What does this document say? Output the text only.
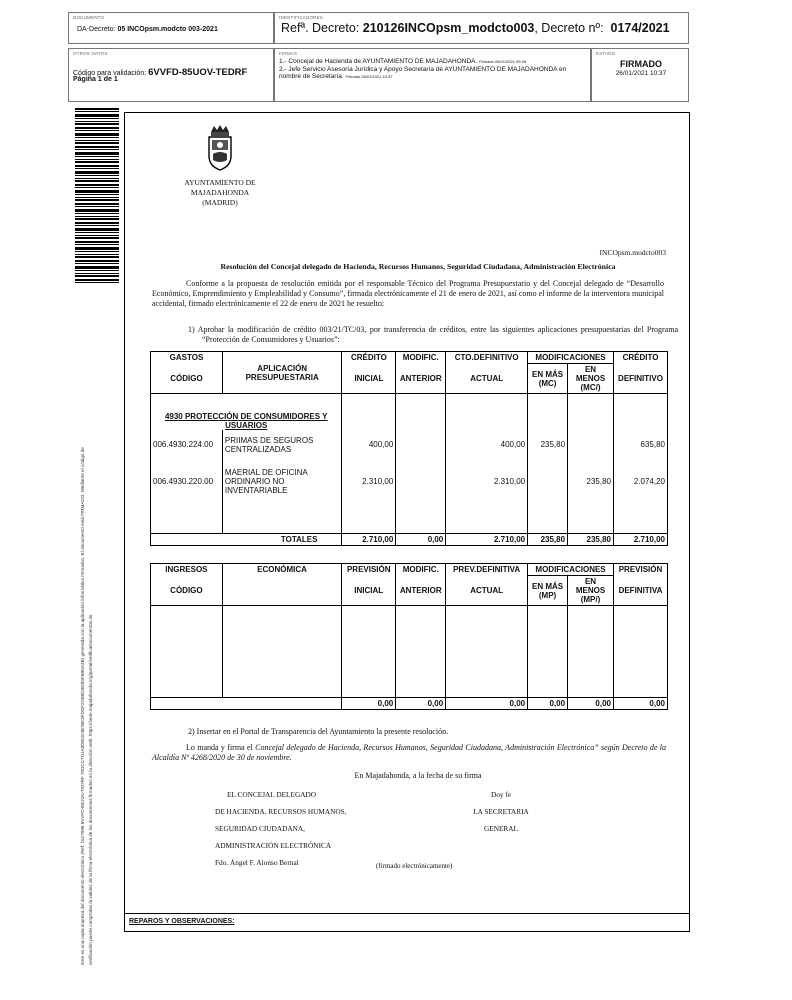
DOCUMENTO
DA-Decreto: 05 INCOpsm.modcto 003-2021
IDENTIFICADORES
Refª. Decreto: 210126INCOpsm_modcto003, Decreto nº:  0174/2021
OTROS DATOS
Código para validación: 6VVFD-85UOV-TEDRF
Página 1 de 1
FIRMAS
1.- Concejal de Hacienda de AYUNTAMIENTO DE MAJADAHONDA. Firmado 26/01/2021 09:28
2.- Jefe Servicio Asesoría Jurídica y Apoyo Secretaría de AYUNTAMIENTO DE MAJADAHONDA en nombre de Secretaría. Firmado 26/01/2021 10:37
ESTADO
FIRMADO
26/01/2021 10:37
Este es una copia impresa del documento electrónico (Ref: 1627996 6VVFD-85UOV-TEDRF 70DCC7D1A8D8CE4B76E3FDDF2D5BD3EB3F6B5A3B) generada con la aplicación informática Firmadoc. El documento está FIRMADO. Mediante el código de verificación puede comprobar la validez de la firma electrónica de los documentos firmados en la dirección web: https://sede.majadahonda.org/portal/verificaDocumentos.do
AYUNTAMIENTO DE
MAJADAHONDA
(MADRID)
INCOpsm.modcto003
Resolución del Concejal delegado de Hacienda, Recursos Humanos, Seguridad Ciudadana, Administración Electrónica
Conforme a la propuesta de resolución emitida por el responsable Técnico del Programa Presupuestario y del Concejal delegado de “Desarrollo Económico, Emprendimiento y Empleabilidad y Consumo”, firmada electrónicamente el 21 de enero de 2021, así como el informe de la interventora municipal accidental, firmado electrónicamente el 22 de enero de 2021 he resuelto:
1) Aprobar la modificación de crédito 003/21/TC/03, por transferencia de créditos, entre las siguientes aplicaciones presupuestarias del Programa “Protección de Consumidores y Usuarios”:
GASTOS	APLICACIÓN PRESUPUESTARIA	CRÉDITO	MODIFIC.	CTO.DEFINITIVO	MODIFICACIONES		CRÉDITO
CÓDIGO		INICIAL	ANTERIOR	ACTUAL	EN MÁS (MC)	EN MENOS (MC/)	DEFINITIVO
4930 PROTECCIÓN DE CONSUMIDORES Y USUARIOS							
006.4930.224.00	PRIIMAS DE SEGUROS CENTRALIZADAS	400,00		400,00	235,80		635,80
006.4930.220.00	MAERIAL DE OFICINA ORDINARIO NO INVENTARIABLE	2.310,00		2.310,00		235,80	2.074,20

	TOTALES	2.710,00	0,00	2.710,00	235,80	235,80	2.710,00
INGRESOS	ECONÓMICA	PREVISIÓN	MODIFIC.	PREV.DEFINITIVA	MODIFICACIONES		PREVISIÓN
CÓDIGO		INICIAL	ANTERIOR	ACTUAL	EN MÁS (MP)	EN MENOS (MP/)	DEFINITIVA

		0,00	0,00	0,00	0,00	0,00	0,00
2) Insertar en el Portal de Transparencia del Ayuntamiento la presente resolución.
Lo manda y firma el Concejal delegado de Hacienda, Recursos Humanos, Seguridad Ciudadana, Administración Electrónica” según Decreto de la Alcaldía Nº 4268/2020 de 30 de noviembre.
En Majadahonda, a la fecha de su firma
EL CONCEJAL DELEGADO
DE HACIENDA, RECURSOS HUMANOS,
SEGURIDAD CIUDADANA,
ADMINISTRACIÓN ELECTRÓNICA
Fdo. Ángel F. Alonso Bernal
Doy fe
LA SECRETARIA GENERAL
(firmado electrónicamente)
REPAROS Y OBSERVACIONES:
